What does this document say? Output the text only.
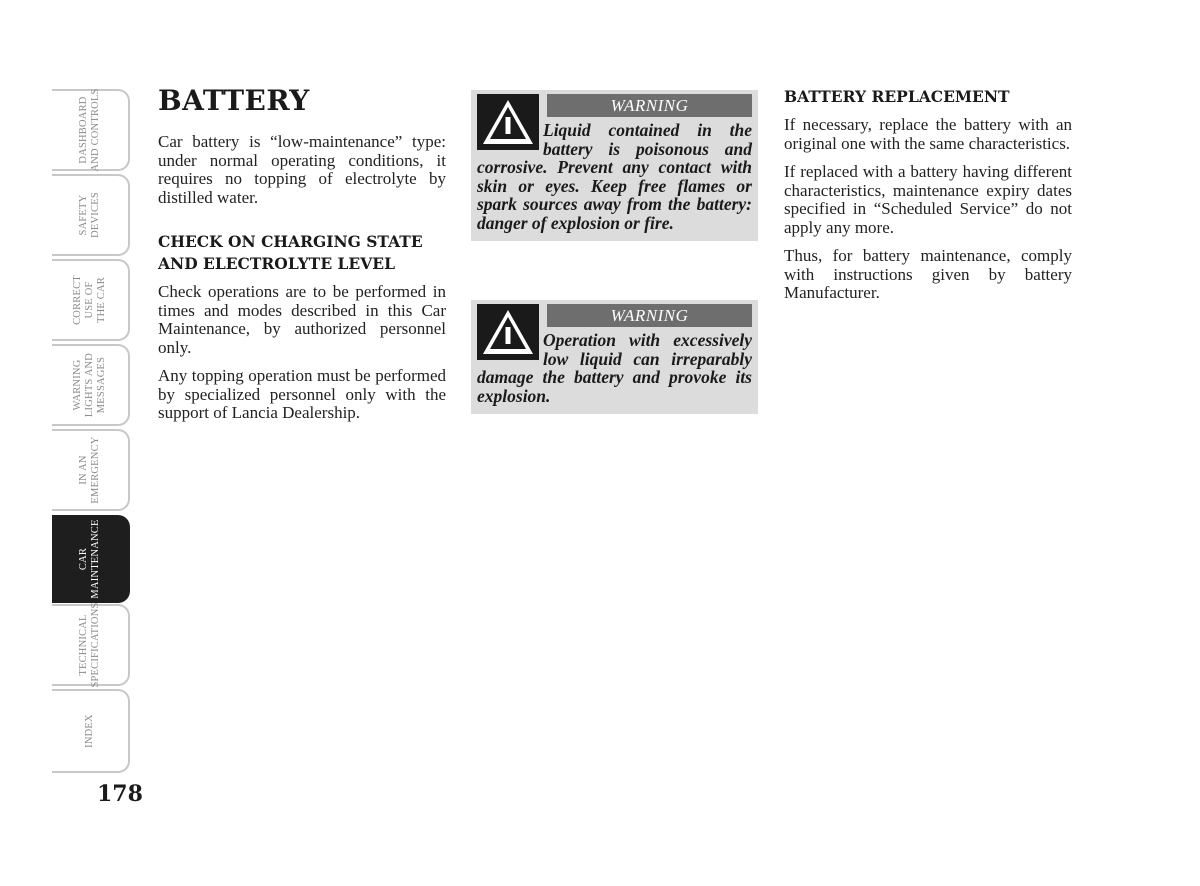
DASHBOARD
AND CONTROLS
SAFETY
DEVICES
CORRECT
USE OF
THE CAR
WARNING
LIGHTS AND
MESSAGES
IN AN
EMERGENCY
CAR
MAINTENANCE
TECHNICAL
SPECIFICATIONS
INDEX
178
BATTERY

Car battery is “low-maintenance” type: under normal operating conditions, it requires no topping of electrolyte by distilled water.

CHECK ON CHARGING STATE
AND ELECTROLYTE LEVEL

Check operations are to be performed in times and modes described in this Car Maintenance, by authorized personnel only.

Any topping operation must be performed by specialized personnel only with the support of Lancia Dealership.

WARNING

Liquid contained in the battery is poisonous and corrosive. Prevent any contact with skin or eyes. Keep free flames or spark sources away from the battery: danger of explosion or fire.

WARNING

Operation with excessively low liquid can irreparably damage the battery and provoke its explosion.

BATTERY REPLACEMENT

If necessary, replace the battery with an original one with the same characteristics.

If replaced with a battery having different characteristics, maintenance expiry dates specified in “Scheduled Service” do not apply any more.

Thus, for battery maintenance, comply with instructions given by battery Manufacturer.
